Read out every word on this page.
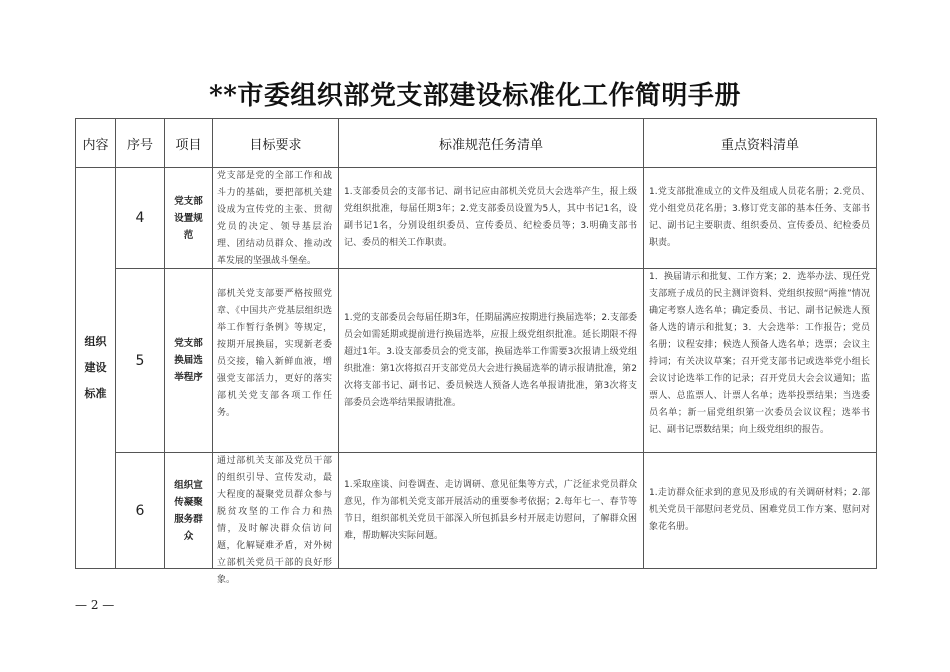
**市委组织部党支部建设标准化工作简明手册
内容	序号	项目	目标要求	标准规范任务清单	重点资料清单

组织建设标准	4	党支部设置规范	党支部是党的全部工作和战斗力的基础，要把部机关建设成为宣传党的主张、贯彻党员的决定、领导基层治理、团结动员群众、推动改革发展的坚强战斗堡垒。	1.支部委员会的支部书记、副书记应由部机关党员大会选举产生，报上级党组织批准，每届任期3年；2.党支部委员设置为5人，其中书记1名，设副书记1名，分别设组织委员、宣传委员、纪检委员等；3.明确支部书记、委员的相关工作职责。	1.党支部批准成立的文件及组成人员花名册；2.党员、党小组党员花名册；3.修订党支部的基本任务、支部书记、副书记主要职责、组织委员、宣传委员、纪检委员职责。

	5	党支部换届选举程序	部机关党支部要严格按照党章、《中国共产党基层组织选举工作暂行条例》等规定，按期开展换届，实现新老委员交接，输入新鲜血液，增强党支部活力，更好的落实部机关党支部各项工作任务。	1.党的支部委员会每届任期3年，任期届满应按期进行换届选举；2.支部委员会如需延期或提前进行换届选举，应报上级党组织批准。延长期限不得超过1年。3.设支部委员会的党支部，换届选举工作需要3次报请上级党组织批准：第1次将拟召开支部党员大会进行换届选举的请示报请批准，第2次将支部书记、副书记、委员候选人预备人选名单报请批准，第3次将支部委员会选举结果报请批准。	1．换届请示和批复、工作方案；2．选举办法、现任党支部班子成员的民主测评资料、党组织按照“两推”情况确定考察人选名单；确定委员、书记、副书记候选人预备人选的请示和批复；3．大会选举：工作报告；党员名册；议程安排；候选人预备人选名单；选票；会议主持词；有关决议草案；召开党支部书记或选举党小组长会议讨论选举工作的记录；召开党员大会会议通知；监票人、总监票人、计票人名单；选举投票结果；当选委员名单；新一届党组织第一次委员会议议程；选举书记、副书记票数结果；向上级党组织的报告。

	6	组织宣传凝聚服务群众	通过部机关支部及党员干部的组织引导、宣传发动，最大程度的凝聚党员群众参与脱贫攻坚的工作合力和热情，及时解决群众信访问题，化解疑难矛盾，对外树立部机关党员干部的良好形象。	1.采取座谈、问卷调查、走访调研、意见征集等方式，广泛征求党员群众意见，作为部机关党支部开展活动的重要参考依据；2.每年七一、春节等节日，组织部机关党员干部深入所包抓县乡村开展走访慰问，了解群众困难，帮助解决实际问题。	1.走访群众征求到的意见及形成的有关调研材料；2.部机关党员干部慰问老党员、困难党员工作方案、慰问对象花名册。
— 2 —
